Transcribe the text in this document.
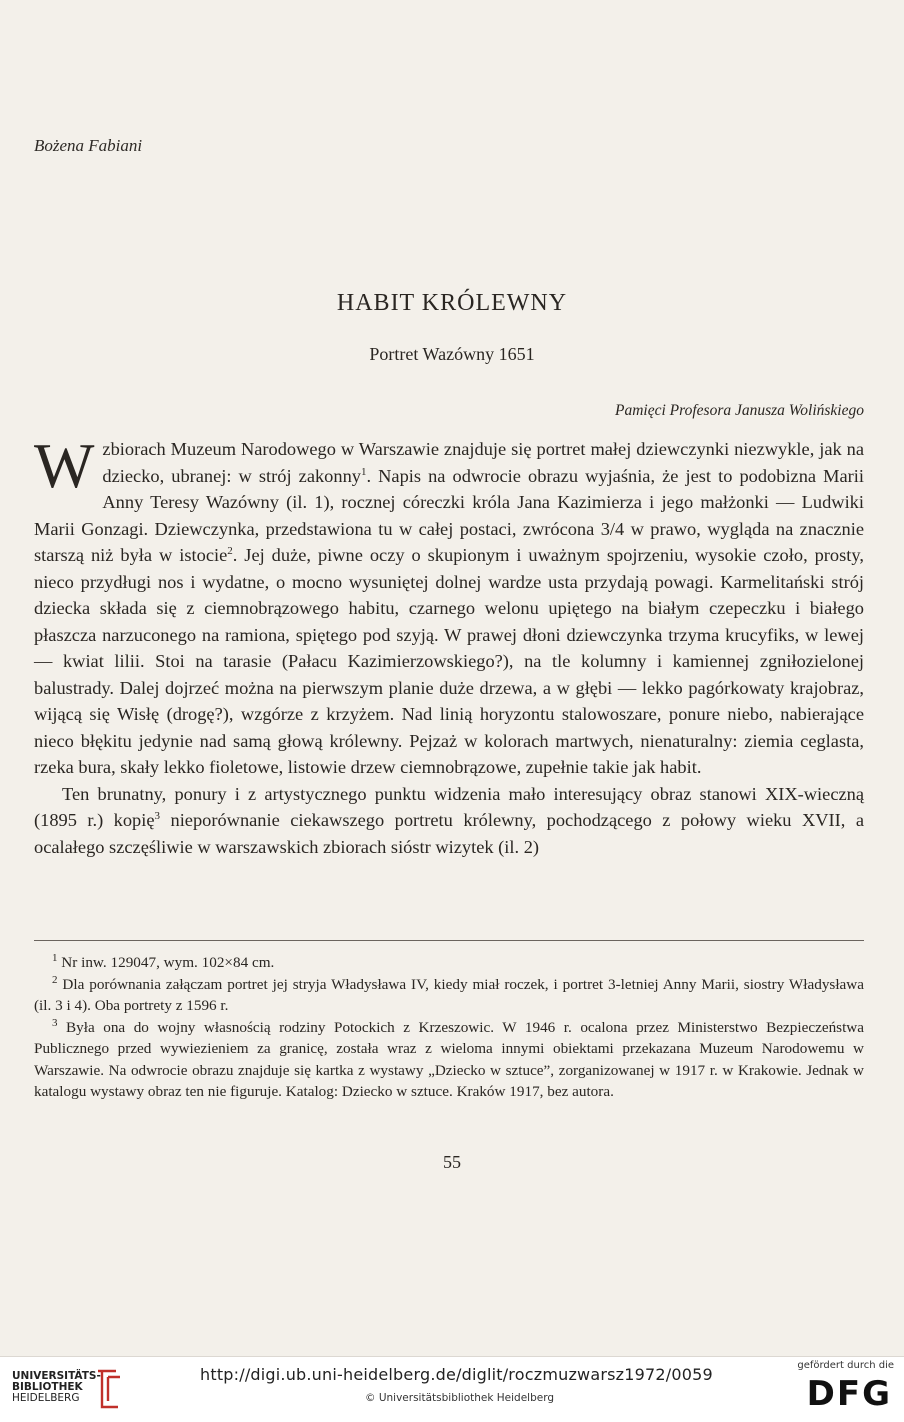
Bożena Fabiani
HABIT KRÓLEWNY
Portret Wazówny 1651
Pamięci Profesora Janusza Wolińskiego

W zbiorach Muzeum Narodowego w Warszawie znajduje się portret małej dziewczynki niezwykle, jak na dziecko, ubranej: w strój zakonny$^1$. Napis na odwrocie obrazu wyjaśnia, że jest to podobizna Marii Anny Teresy Wazówny (il. 1), rocznej córeczki króla Jana Kazimierza i jego małżonki — Ludwiki Marii Gonzagi. Dziewczynka, przedstawiona tu w całej postaci, zwrócona 3/4 w prawo, wygląda na znacznie starszą niż była w istocie$^2$. Jej duże, piwne oczy o skupionym i uważnym spojrzeniu, wysokie czoło, prosty, nieco przydługi nos i wydatne, o mocno wysuniętej dolnej wardze usta przydają powagi. Karmelitański strój dziecka składa się z ciemnobrązowego habitu, czarnego welonu upiętego na białym czepeczku i białego płaszcza narzuconego na ramiona, spiętego pod szyją. W prawej dłoni dziewczynka trzyma krucyfiks, w lewej — kwiat lilii. Stoi na tarasie (Pałacu Kazimierzowskiego?), na tle kolumny i kamiennej zgniłozielonej balustrady. Dalej dojrzeć można na pierwszym planie duże drzewa, a w głębi — lekko pagórkowaty krajobraz, wijącą się Wisłę (drogę?), wzgórze z krzyżem. Nad linią horyzontu stalowoszare, ponure niebo, nabierające nieco błękitu jedynie nad samą głową królewny. Pejzaż w kolorach martwych, nienaturalny: ziemia ceglasta, rzeka bura, skały lekko fioletowe, listowie drzew ciemnobrązowe, zupełnie takie jak habit.

Ten brunatny, ponury i z artystycznego punktu widzenia mało interesujący obraz stanowi XIX-wieczną (1895 r.) kopię$^3$ nieporównanie ciekawszego portretu królewny, pochodzącego z połowy wieku XVII, a ocalałego szczęśliwie w warszawskich zbiorach sióstr wizytek (il. 2)

$^1$ Nr inw. 129047, wym. 102×84 cm.

$^2$ Dla porównania załączam portret jej stryja Władysława IV, kiedy miał roczek, i portret 3-letniej Anny Marii, siostry Władysława (il. 3 i 4). Oba portrety z 1596 r.

$^3$ Była ona do wojny własnością rodziny Potockich z Krzeszowic. W 1946 r. ocalona przez Ministerstwo Bezpieczeństwa Publicznego przed wywiezieniem za granicę, została wraz z wieloma innymi obiektami przekazana Muzeum Narodowemu w Warszawie. Na odwrocie obrazu znajduje się kartka z wystawy „Dziecko w sztuce”, zorganizowanej w 1917 r. w Krakowie. Jednak w katalogu wystawy obraz ten nie figuruje. Katalog: Dziecko w sztuce. Kraków 1917, bez autora.

55
UNIVERSITÄTS-
BIBLIOTHEK
HEIDELBERG
http://digi.ub.uni-heidelberg.de/diglit/roczmuzwarsz1972/0059
© Universitätsbibliothek Heidelberg
gefördert durch die
DFG
